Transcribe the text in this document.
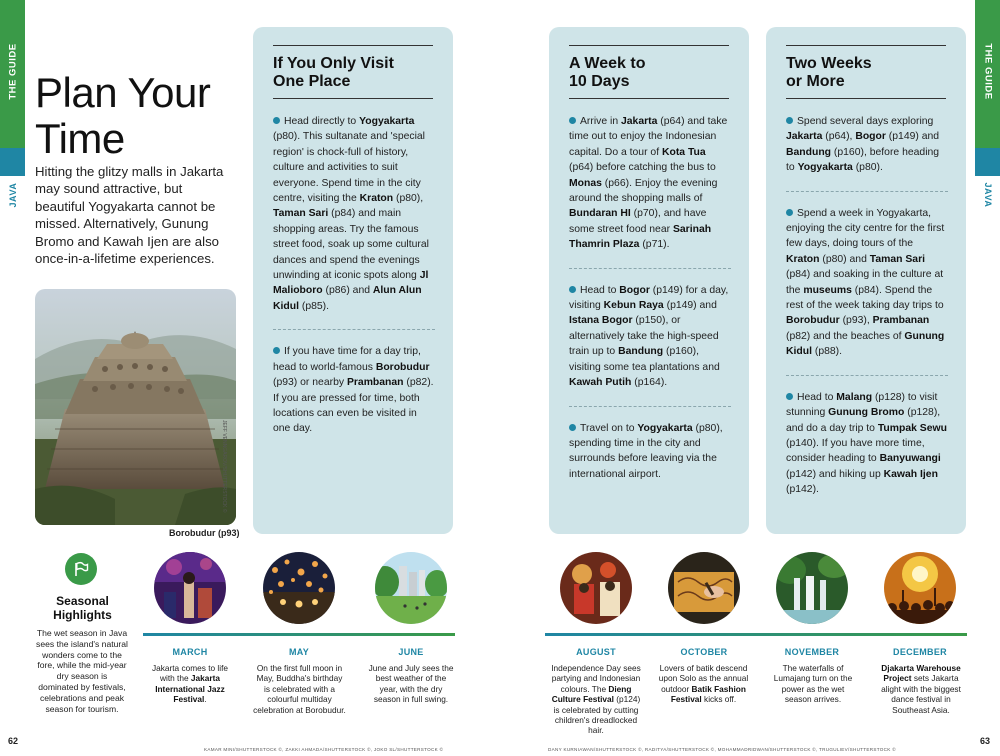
THE GUIDE
JAVA
THE GUIDE
JAVA
Plan Your
Time
Hitting the glitzy malls in Jakarta may sound attractive, but beautiful Yogyakarta cannot be missed. Alternatively, Gunung Bromo and Kawah Ijen are also once-in-a-lifetime experiences.
JEFF VENNGAROV/SHUTTERSTOCK ©
Borobudur (p93)
If You Only Visit
One Place
Head directly to Yogyakarta (p80). This sultanate and 'special region' is chock-full of history, culture and activities to suit everyone. Spend time in the city centre, visiting the Kraton (p80), Taman Sari (p84) and main shopping areas. Try the famous street food, soak up some cultural dances and spend the evenings unwinding at iconic spots along Jl Malioboro (p86) and Alun Alun Kidul (p85).
If you have time for a day trip, head to world-famous Borobudur (p93) or nearby Prambanan (p82). If you are pressed for time, both locations can even be visited in one day.
A Week to
10 Days
Arrive in Jakarta (p64) and take time out to enjoy the Indonesian capital. Do a tour of Kota Tua (p64) before catching the bus to Monas (p66). Enjoy the evening around the shopping malls of Bundaran HI (p70), and have some street food near Sarinah Thamrin Plaza (p71).
Head to Bogor (p149) for a day, visiting Kebun Raya (p149) and Istana Bogor (p150), or alternatively take the high-speed train up to Bandung (p160), visiting some tea plantations and Kawah Putih (p164).
Travel on to Yogyakarta (p80), spending time in the city and surrounds before leaving via the international airport.
Two Weeks
or More
Spend several days exploring Jakarta (p64), Bogor (p149) and Bandung (p160), before heading to Yogyakarta (p80).
Spend a week in Yogyakarta, enjoying the city centre for the first few days, doing tours of the Kraton (p80) and Taman Sari (p84) and soaking in the culture at the museums (p84). Spend the rest of the week taking day trips to Borobudur (p93), Prambanan (p82) and the beaches of Gunung Kidul (p88).
Head to Malang (p128) to visit stunning Gunung Bromo (p128), and do a day trip to Tumpak Sewu (p140). If you have more time, consider heading to Banyuwangi (p142) and hiking up Kawah Ijen (p142).
Seasonal
Highlights
The wet season in Java sees the island's natural wonders come to the fore, while the mid-year dry season is dominated by festivals, celebrations and peak season for tourism.
MARCH	MAY	JUNE	AUGUST	OCTOBER	NOVEMBER	DECEMBER
Jakarta comes to life with the Jakarta International Jazz Festival.
On the first full moon in May, Buddha's birthday is celebrated with a colourful multiday celebration at Borobudur.
June and July sees the best weather of the year, with the dry season in full swing.
Independence Day sees partying and Indonesian colours. The Dieng Culture Festival (p124) is celebrated by cutting children's dreadlocked hair.
Lovers of batik descend upon Solo as the annual outdoor Batik Fashion Festival kicks off.
The waterfalls of Lumajang turn on the power as the wet season arrives.
Djakarta Warehouse Project sets Jakarta alight with the biggest dance festival in Southeast Asia.
62	63
KAMAR MINI/SHUTTERSTOCK ©, ZAKKI AHMADA/SHUTTERSTOCK ©, JOKO SL/SHUTTERSTOCK ©	DANY KURNIAWAN/SHUTTERSTOCK ©, RADITYA/SHUTTERSTOCK ©, MOHAMMADRIDWAN/SHUTTERSTOCK ©, TRUGULIEV/SHUTTERSTOCK ©
